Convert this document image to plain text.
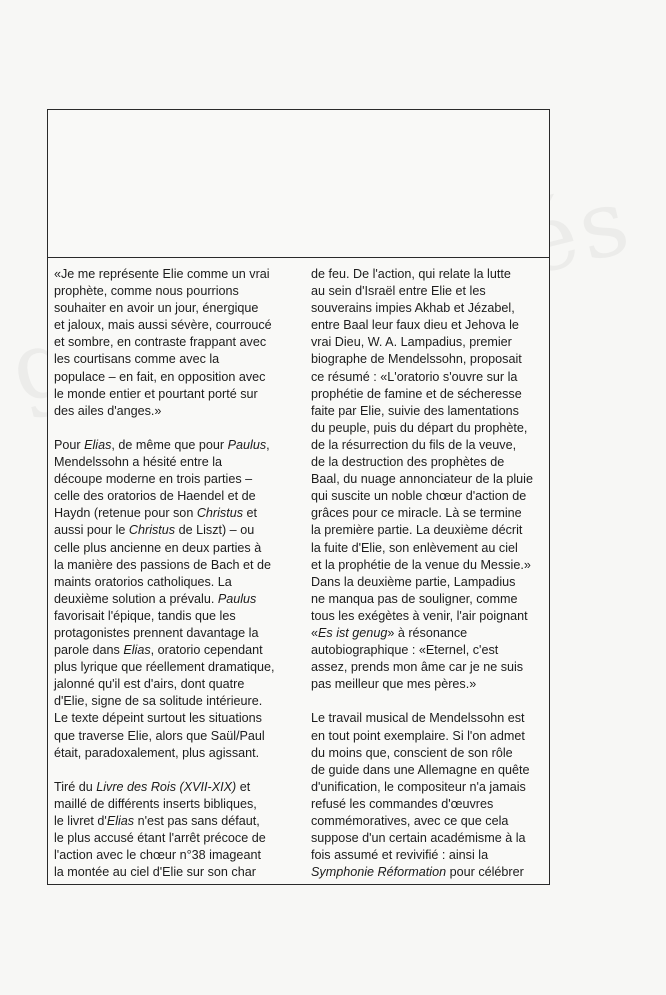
«Je me représente Elie comme un vrai
prophète, comme nous pourrions
souhaiter en avoir un jour, énergique
et jaloux, mais aussi sévère, courroucé
et sombre, en contraste frappant avec
les courtisans comme avec la
populace – en fait, en opposition avec
le monde entier et pourtant porté sur
des ailes d'anges.»
Pour Elias, de même que pour Paulus,
Mendelssohn a hésité entre la
découpe moderne en trois parties –
celle des oratorios de Haendel et de
Haydn (retenue pour son Christus et
aussi pour le Christus de Liszt) – ou
celle plus ancienne en deux parties à
la manière des passions de Bach et de
maints oratorios catholiques. La
deuxième solution a prévalu. Paulus
favorisait l'épique, tandis que les
protagonistes prennent davantage la
parole dans Elias, oratorio cependant
plus lyrique que réellement dramatique,
jalonné qu'il est d'airs, dont quatre
d'Elie, signe de sa solitude intérieure.
Le texte dépeint surtout les situations
que traverse Elie, alors que Saül/Paul
était, paradoxalement, plus agissant.
Tiré du Livre des Rois (XVII-XIX) et
maillé de différents inserts bibliques,
le livret d'Elias n'est pas sans défaut,
le plus accusé étant l'arrêt précoce de
l'action avec le chœur n°38 imageant
la montée au ciel d'Elie sur son char
de feu. De l'action, qui relate la lutte
au sein d'Israël entre Elie et les
souverains impies Akhab et Jézabel,
entre Baal leur faux dieu et Jehova le
vrai Dieu, W. A. Lampadius, premier
biographe de Mendelssohn, proposait
ce résumé : «L'oratorio s'ouvre sur la
prophétie de famine et de sécheresse
faite par Elie, suivie des lamentations
du peuple, puis du départ du prophète,
de la résurrection du fils de la veuve,
de la destruction des prophètes de
Baal, du nuage annonciateur de la pluie
qui suscite un noble chœur d'action de
grâces pour ce miracle. Là se termine
la première partie. La deuxième décrit
la fuite d'Elie, son enlèvement au ciel
et la prophétie de la venue du Messie.»
Dans la deuxième partie, Lampadius
ne manqua pas de souligner, comme
tous les exégètes à venir, l'air poignant
«Es ist genug» à résonance
autobiographique : «Eternel, c'est
assez, prends mon âme car je ne suis
pas meilleur que mes pères.»
Le travail musical de Mendelssohn est
en tout point exemplaire. Si l'on admet
du moins que, conscient de son rôle
de guide dans une Allemagne en quête
d'unification, le compositeur n'a jamais
refusé les commandes d'œuvres
commémoratives, avec ce que cela
suppose d'un certain académisme à la
fois assumé et revivifié : ainsi la
Symphonie Réformation pour célébrer
